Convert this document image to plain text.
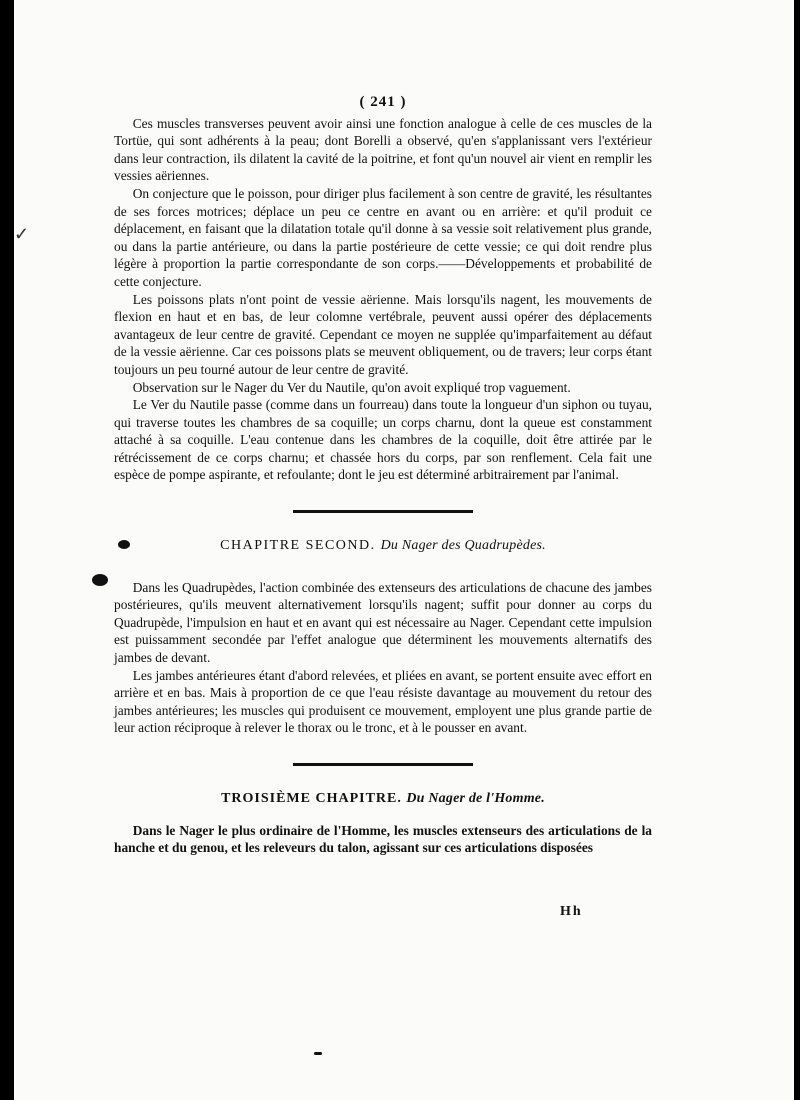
✓
( 241 )

Ces muscles transverses peuvent avoir ainsi une fonction analogue à celle de ces muscles de la Tortüe, qui sont adhérents à la peau; dont Borelli a observé, qu'en s'applanissant vers l'extérieur dans leur contraction, ils dilatent la cavité de la poitrine, et font qu'un nouvel air vient en remplir les vessies aëriennes.

On conjecture que le poisson, pour diriger plus facilement à son centre de gravité, les résultantes de ses forces motrices; déplace un peu ce centre en avant ou en arrière: et qu'il produit ce déplacement, en faisant que la dilatation totale qu'il donne à sa vessie soit relativement plus grande, ou dans la partie antérieure, ou dans la partie postérieure de cette vessie; ce qui doit rendre plus légère à proportion la partie correspondante de son corps.——Développements et probabilité de cette conjecture.

Les poissons plats n'ont point de vessie aërienne. Mais lorsqu'ils nagent, les mouvements de flexion en haut et en bas, de leur colomne vertébrale, peuvent aussi opérer des déplacements avantageux de leur centre de gravité. Cependant ce moyen ne supplée qu'imparfaitement au défaut de la vessie aërienne. Car ces poissons plats se meuvent obliquement, ou de travers; leur corps étant toujours un peu tourné autour de leur centre de gravité.

Observation sur le Nager du Ver du Nautile, qu'on avoit expliqué trop vaguement.

Le Ver du Nautile passe (comme dans un fourreau) dans toute la longueur d'un siphon ou tuyau, qui traverse toutes les chambres de sa coquille; un corps charnu, dont la queue est constamment attaché à sa coquille. L'eau contenue dans les chambres de la coquille, doit être attirée par le rétrécissement de ce corps charnu; et chassée hors du corps, par son renflement. Cela fait une espèce de pompe aspirante, et refoulante; dont le jeu est déterminé arbitrairement par l'animal.

CHAPITRE SECOND. Du Nager des Quadrupèdes.

Dans les Quadrupèdes, l'action combinée des extenseurs des articulations de chacune des jambes postérieures, qu'ils meuvent alternativement lorsqu'ils nagent; suffit pour donner au corps du Quadrupède, l'impulsion en haut et en avant qui est nécessaire au Nager. Cependant cette impulsion est puissamment secondée par l'effet analogue que déterminent les mouvements alternatifs des jambes de devant.

Les jambes antérieures étant d'abord relevées, et pliées en avant, se portent ensuite avec effort en arrière et en bas. Mais à proportion de ce que l'eau résiste davantage au mouvement du retour des jambes antérieures; les muscles qui produisent ce mouvement, employent une plus grande partie de leur action réciproque à relever le thorax ou le tronc, et à le pousser en avant.

TROISIÈME CHAPITRE. Du Nager de l'Homme.

Dans le Nager le plus ordinaire de l'Homme, les muscles extenseurs des articulations de la hanche et du genou, et les releveurs du talon, agissant sur ces articulations disposées

Hh
